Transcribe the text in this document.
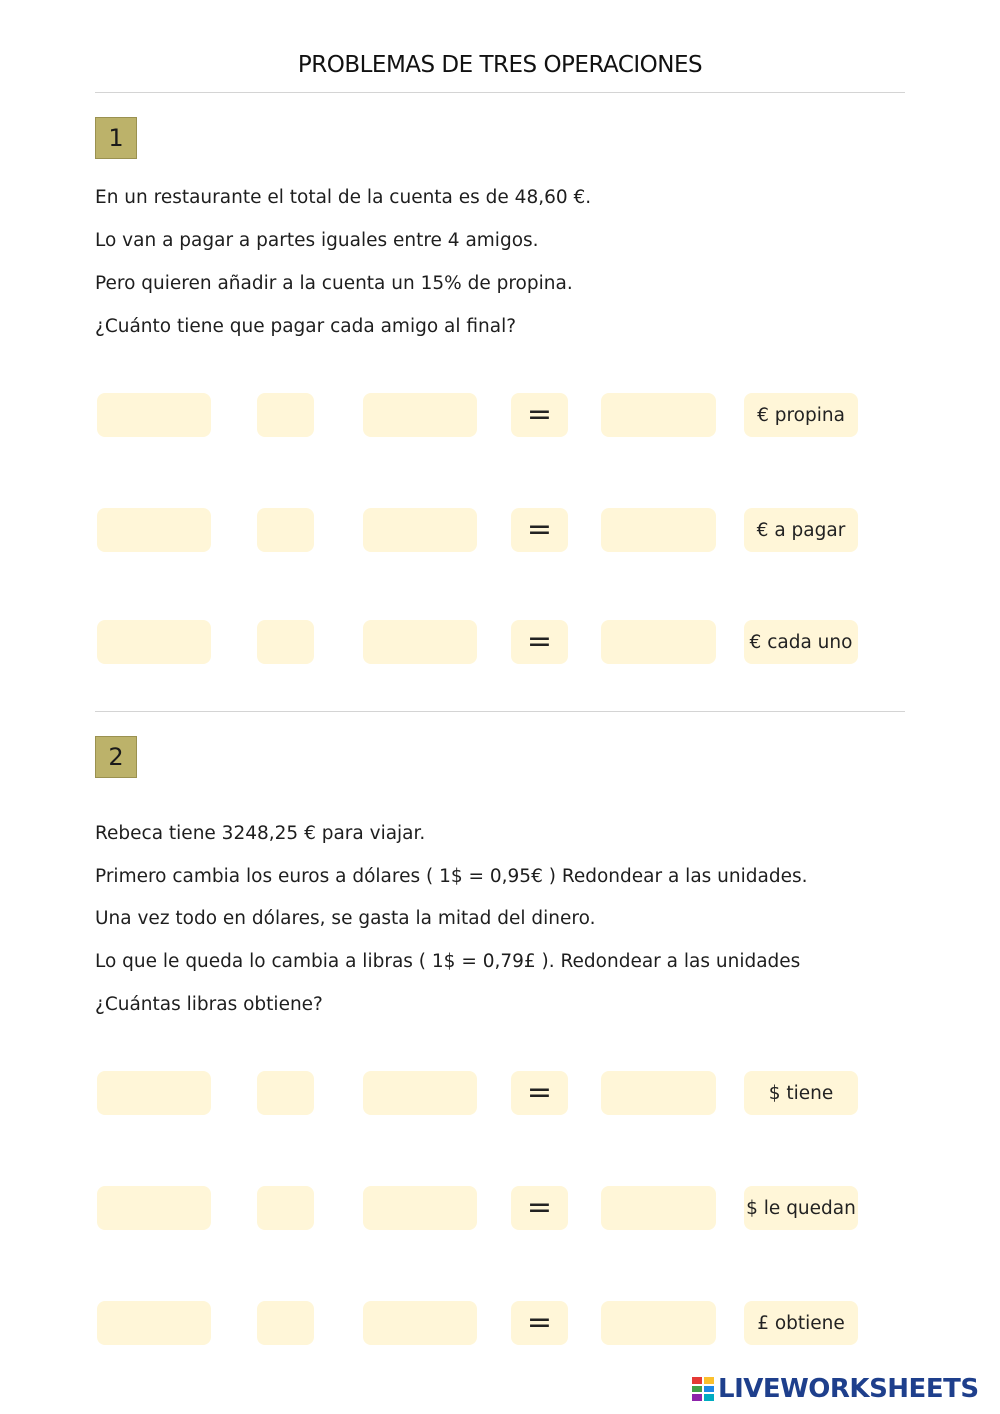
PROBLEMAS DE TRES OPERACIONES
1
En un restaurante el total de la cuenta es de 48,60 €.
Lo van a pagar a partes iguales entre 4 amigos.
Pero quieren añadir a la cuenta un 15% de propina.
¿Cuánto tiene que pagar cada amigo al final?
=	€ propina
=	€ a pagar
=	€ cada uno
2
Rebeca tiene 3248,25 € para viajar.
Primero cambia los euros a dólares ( 1$ = 0,95€ ) Redondear a las unidades.
Una vez todo en dólares, se gasta la mitad del dinero.
Lo que le queda lo cambia a libras ( 1$ = 0,79£ ). Redondear a las unidades
¿Cuántas libras obtiene?
=	$ tiene
=	$ le quedan
=	£ obtiene
LIVEWORKSHEETS
